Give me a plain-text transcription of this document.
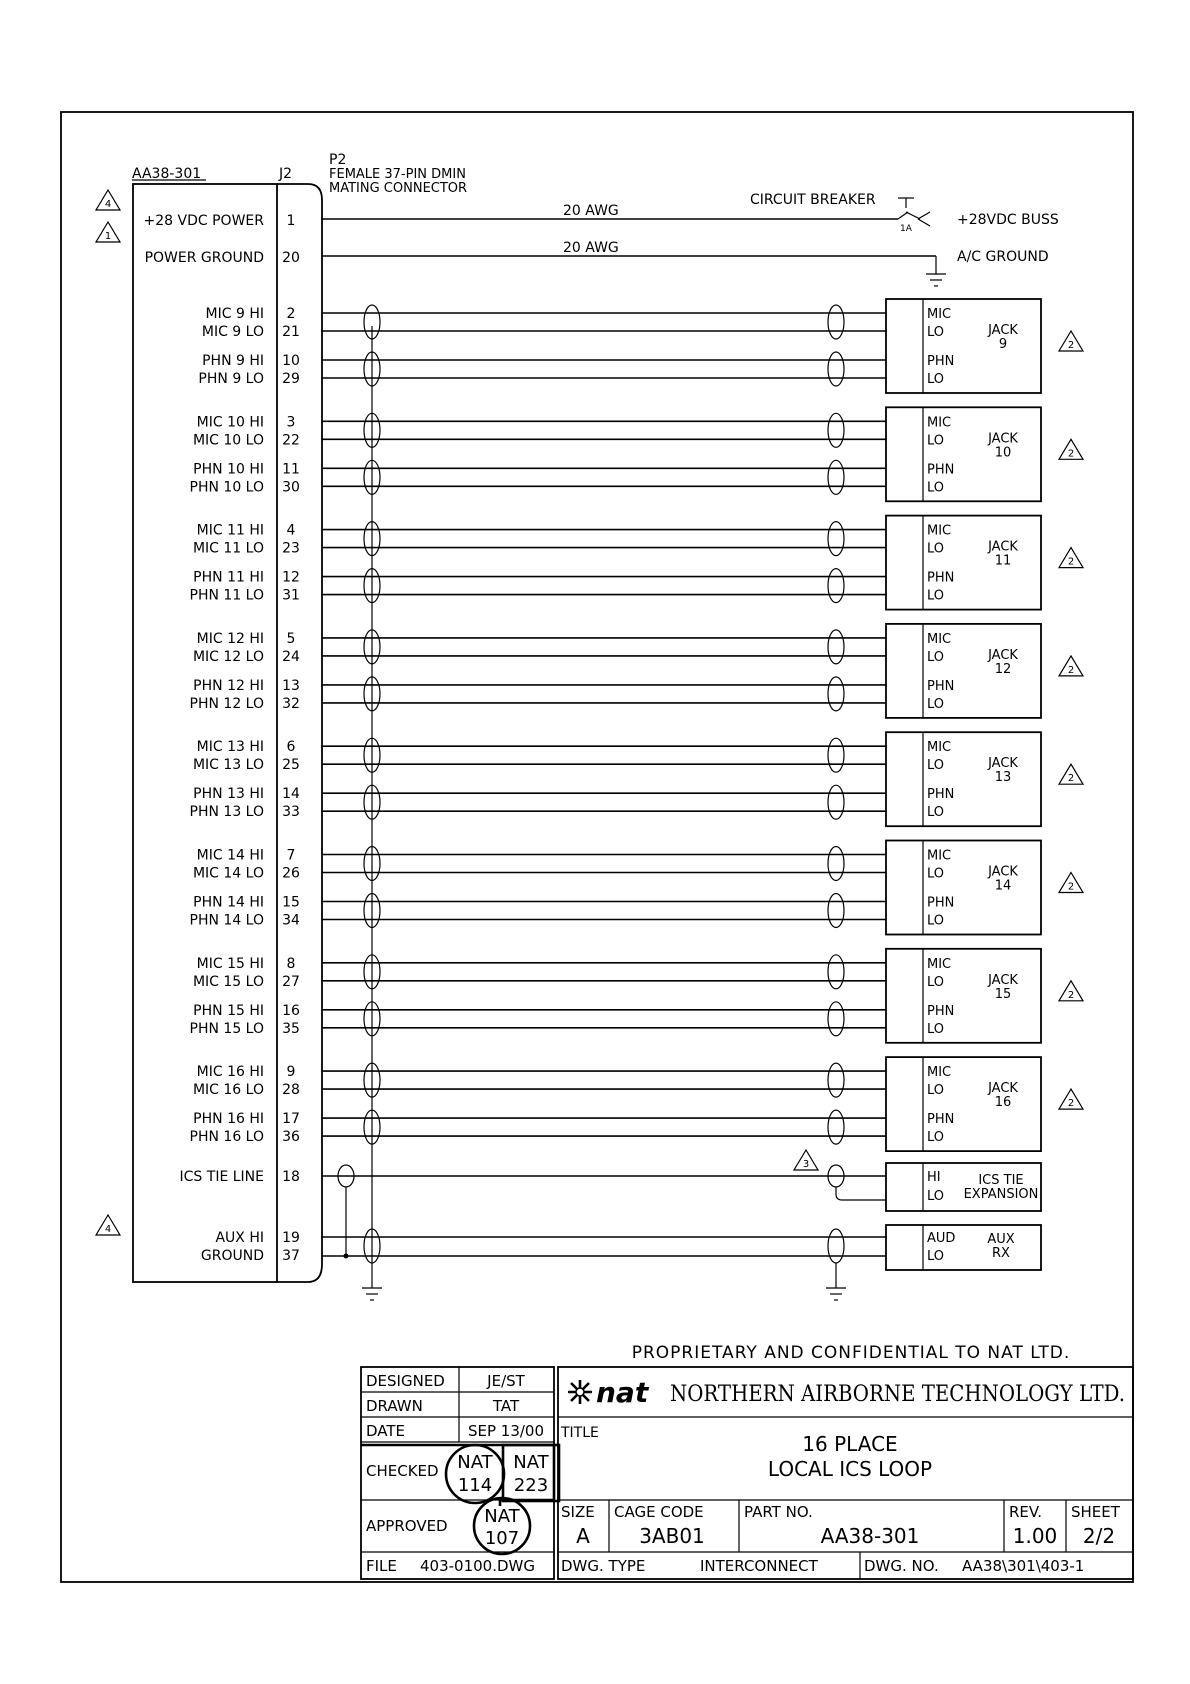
AA38-301	J2
P2
FEMALE 37-PIN DMIN
MATING CONNECTOR
+28 VDC POWER 1
POWER GROUND 20
20 AWG
20 AWG
CIRCUIT BREAKER
1A
+28VDC BUSS
A/C GROUND
4
1
4
MIC 9 HI 2
MIC 9 LO 21
PHN 9 HI 10
PHN 9 LO 29
MIC
LO
PHN
LO
JACK
9	2
MIC 10 HI 3
MIC 10 LO 22
PHN 10 HI 11
PHN 10 LO 30
MIC
LO
PHN
LO
JACK
10	2
MIC 11 HI 4
MIC 11 LO 23
PHN 11 HI 12
PHN 11 LO 31
MIC
LO
PHN
LO
JACK
11	2
MIC 12 HI 5
MIC 12 LO 24
PHN 12 HI 13
PHN 12 LO 32
MIC
LO
PHN
LO
JACK
12	2
MIC 13 HI 6
MIC 13 LO 25
PHN 13 HI 14
PHN 13 LO 33
MIC
LO
PHN
LO
JACK
13	2
MIC 14 HI 7
MIC 14 LO 26
PHN 14 HI 15
PHN 14 LO 34
MIC
LO
PHN
LO
JACK
14	2
MIC 15 HI 8
MIC 15 LO 27
PHN 15 HI 16
PHN 15 LO 35
MIC
LO
PHN
LO
JACK
15	2
MIC 16 HI 9
MIC 16 LO 28
PHN 16 HI 17
PHN 16 LO 36
MIC
LO
PHN
LO
JACK
16	2
ICS TIE LINE 18	HI
LO
ICS TIE
EXPANSION
3
AUX HI 19
GROUND 37
AUD
LO
AUX
RX
PROPRIETARY AND CONFIDENTIAL TO NAT LTD.
DESIGNED	JE/ST
DRAWN	TAT
DATE	SEP 13/00
CHECKED
APPROVED
FILE 403-0100.DWG
NAT
114
NAT
223
NAT
107
nat NORTHERN AIRBORNE TECHNOLOGY LTD.
TITLE	16 PLACE
LOCAL ICS LOOP
SIZE
A
CAGE CODE
3AB01
PART NO.
AA38-301
REV.
1.00
SHEET
2/2
DWG. TYPE	INTERCONNECT	DWG. NO. AA38\301\403-1
